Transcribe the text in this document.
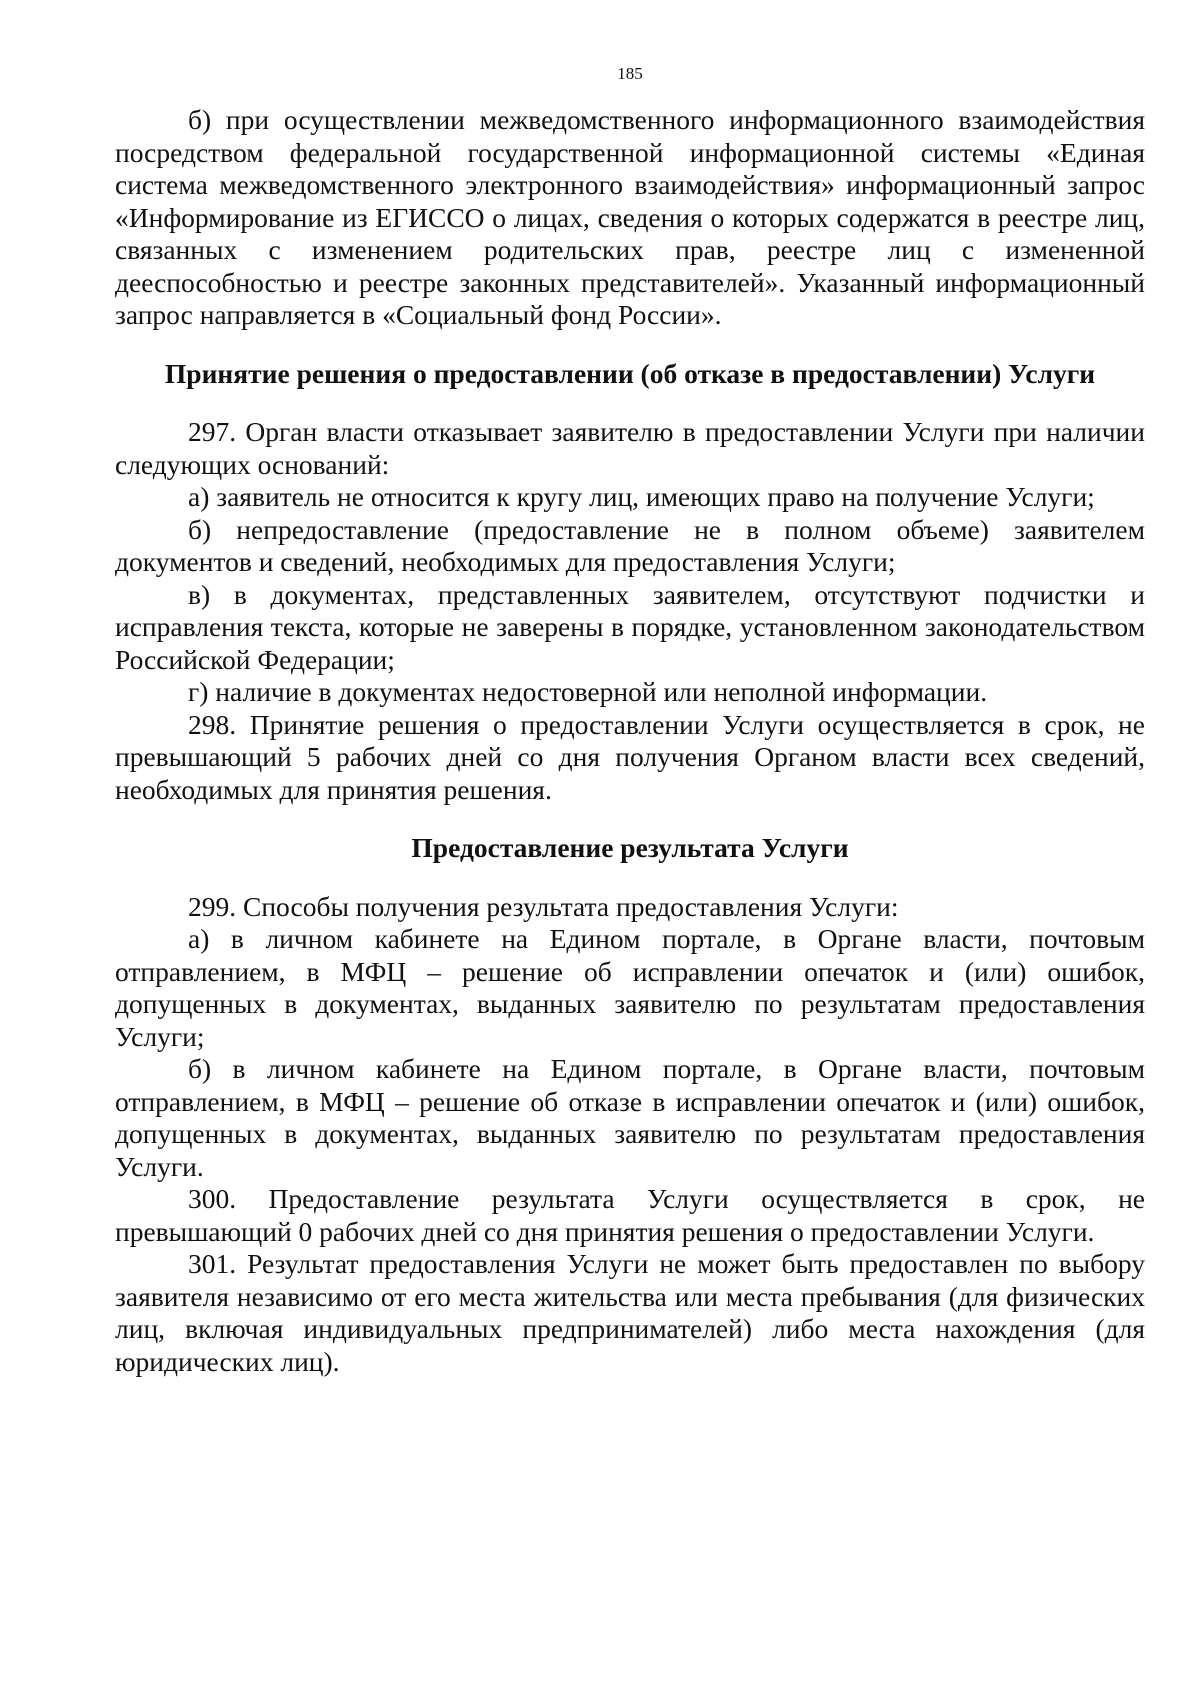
185

б) при осуществлении межведомственного информационного взаимодействия посредством федеральной государственной информационной системы «Единая система межведомственного электронного взаимодействия» информационный запрос «Информирование из ЕГИССО о лицах, сведения о которых содержатся в реестре лиц, связанных с изменением родительских прав, реестре лиц с измененной дееспособностью и реестре законных представителей». Указанный информационный запрос направляется в «Социальный фонд России».

Принятие решения о предоставлении (об отказе в предоставлении) Услуги

297. Орган власти отказывает заявителю в предоставлении Услуги при наличии следующих оснований:

а) заявитель не относится к кругу лиц, имеющих право на получение Услуги;

б) непредоставление (предоставление не в полном объеме) заявителем документов и сведений, необходимых для предоставления Услуги;

в) в документах, представленных заявителем, отсутствуют подчистки и исправления текста, которые не заверены в порядке, установленном законодательством Российской Федерации;

г) наличие в документах недостоверной или неполной информации.

298. Принятие решения о предоставлении Услуги осуществляется в срок, не превышающий 5 рабочих дней со дня получения Органом власти всех сведений, необходимых для принятия решения.

Предоставление результата Услуги

299. Способы получения результата предоставления Услуги:

а) в личном кабинете на Едином портале, в Органе власти, почтовым отправлением, в МФЦ – решение об исправлении опечаток и (или) ошибок, допущенных в документах, выданных заявителю по результатам предоставления Услуги;

б) в личном кабинете на Едином портале, в Органе власти, почтовым отправлением, в МФЦ – решение об отказе в исправлении опечаток и (или) ошибок, допущенных в документах, выданных заявителю по результатам предоставления Услуги.

300. Предоставление результата Услуги осуществляется в срок, не превышающий 0 рабочих дней со дня принятия решения о предоставлении Услуги.

301. Результат предоставления Услуги не может быть предоставлен по выбору заявителя независимо от его места жительства или места пребывания (для физических лиц, включая индивидуальных предпринимателей) либо места нахождения (для юридических лиц).
